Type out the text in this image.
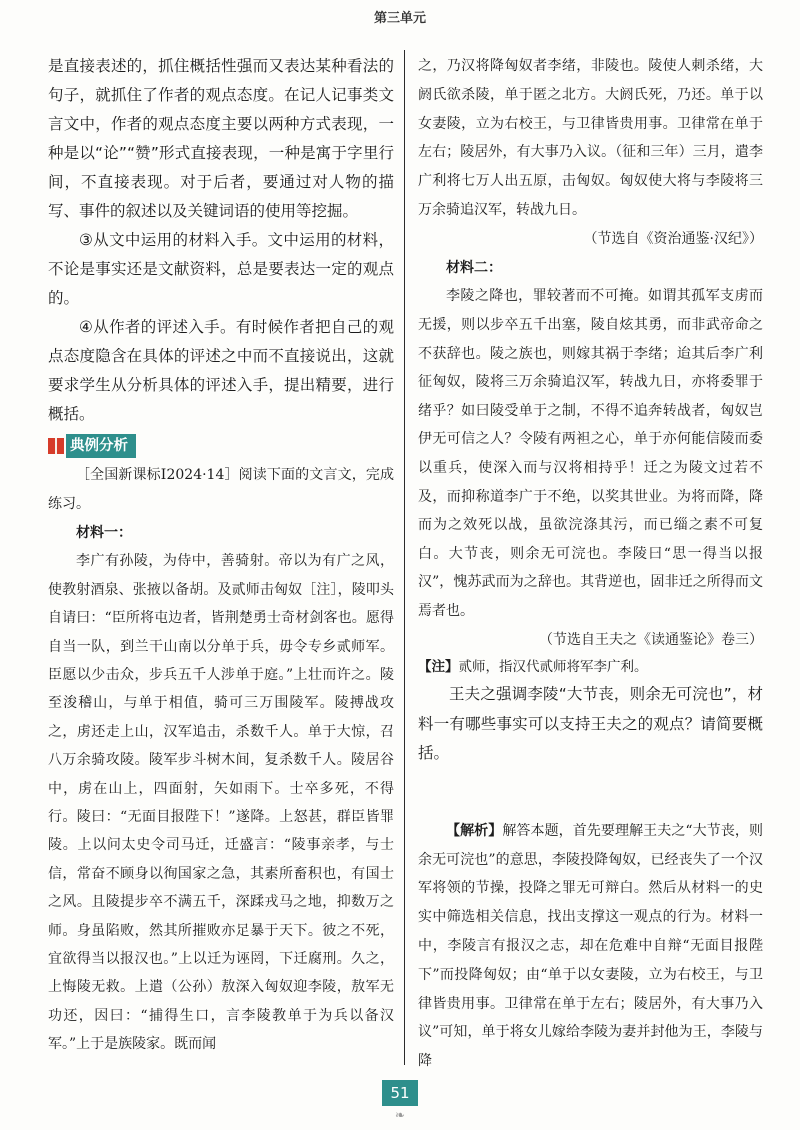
第三单元

是直接表述的，抓住概括性强而又表达某种看法的句子，就抓住了作者的观点态度。在记人记事类文言文中，作者的观点态度主要以两种方式表现，一种是以“论”“赞”形式直接表现，一种是寓于字里行间，不直接表现。对于后者，要通过对人物的描写、事件的叙述以及关键词语的使用等挖掘。

③从文中运用的材料入手。文中运用的材料，不论是事实还是文献资料，总是要表达一定的观点的。

④从作者的评述入手。有时候作者把自己的观点态度隐含在具体的评述之中而不直接说出，这就要求学生从分析具体的评述入手，提出精要，进行概括。

典例分析

［全国新课标Ⅰ2024·14］阅读下面的文言文，完成练习。

材料一：

李广有孙陵，为侍中，善骑射。帝以为有广之风，使教射酒泉、张掖以备胡。及贰师击匈奴［注］，陵叩头自请曰：“臣所将屯边者，皆荆楚勇士奇材剑客也。愿得自当一队，到兰干山南以分单于兵，毋令专乡贰师军。臣愿以少击众，步兵五千人涉单于庭。”上壮而许之。陵至浚稽山，与单于相值，骑可三万围陵军。陵搏战攻之，虏还走上山，汉军追击，杀数千人。单于大惊，召八万余骑攻陵。陵军步斗树木间，复杀数千人。陵居谷中，虏在山上，四面射，矢如雨下。士卒多死，不得行。陵曰：“无面目报陛下！”遂降。上怒甚，群臣皆罪陵。上以问太史令司马迁，迁盛言：“陵事亲孝，与士信，常奋不顾身以徇国家之急，其素所畜积也，有国士之风。且陵提步卒不满五千，深蹂戎马之地，抑数万之师。身虽陷败，然其所摧败亦足暴于天下。彼之不死，宜欲得当以报汉也。”上以迁为诬罔，下迁腐刑。久之，上悔陵无救。上遣（公孙）敖深入匈奴迎李陵，敖军无功还，因曰：“捕得生口，言李陵教单于为兵以备汉军。”上于是族陵家。既而闻

之，乃汉将降匈奴者李绪，非陵也。陵使人刺杀绪，大阏氏欲杀陵，单于匿之北方。大阏氏死，乃还。单于以女妻陵，立为右校王，与卫律皆贵用事。卫律常在单于左右；陵居外，有大事乃入议。（征和三年）三月，遣李广利将七万人出五原，击匈奴。匈奴使大将与李陵将三万余骑追汉军，转战九日。

（节选自《资治通鉴·汉纪》）

材料二：

李陵之降也，罪较著而不可掩。如谓其孤军支虏而无援，则以步卒五千出塞，陵自炫其勇，而非武帝命之不获辞也。陵之族也，则嫁其祸于李绪；迨其后李广利征匈奴，陵将三万余骑追汉军，转战九日，亦将委罪于绪乎？如曰陵受单于之制，不得不追奔转战者，匈奴岂伊无可信之人？令陵有两袒之心，单于亦何能信陵而委以重兵，使深入而与汉将相持乎！迁之为陵文过若不及，而抑称道李广于不绝，以奖其世业。为将而降，降而为之效死以战，虽欲浣涤其污，而已缁之素不可复白。大节丧，则余无可浣也。李陵曰“思一得当以报汉”，愧苏武而为之辞也。其背逆也，固非迁之所得而文焉者也。

（节选自王夫之《读通鉴论》卷三）

【注】贰师，指汉代贰师将军李广利。

王夫之强调李陵“大节丧，则余无可浣也”，材料一有哪些事实可以支持王夫之的观点？请简要概括。

【解析】解答本题，首先要理解王夫之“大节丧，则余无可浣也”的意思，李陵投降匈奴，已经丧失了一个汉军将领的节操，投降之罪无可辩白。然后从材料一的史实中筛选相关信息，找出支撑这一观点的行为。材料一中，李陵言有报汉之志，却在危难中自辩“无面目报陛下”而投降匈奴；由“单于以女妻陵，立为右校王，与卫律皆贵用事。卫律常在单于左右；陵居外，有大事乃入议”可知，单于将女儿嫁给李陵为妻并封他为王，李陵与降

51
❧
